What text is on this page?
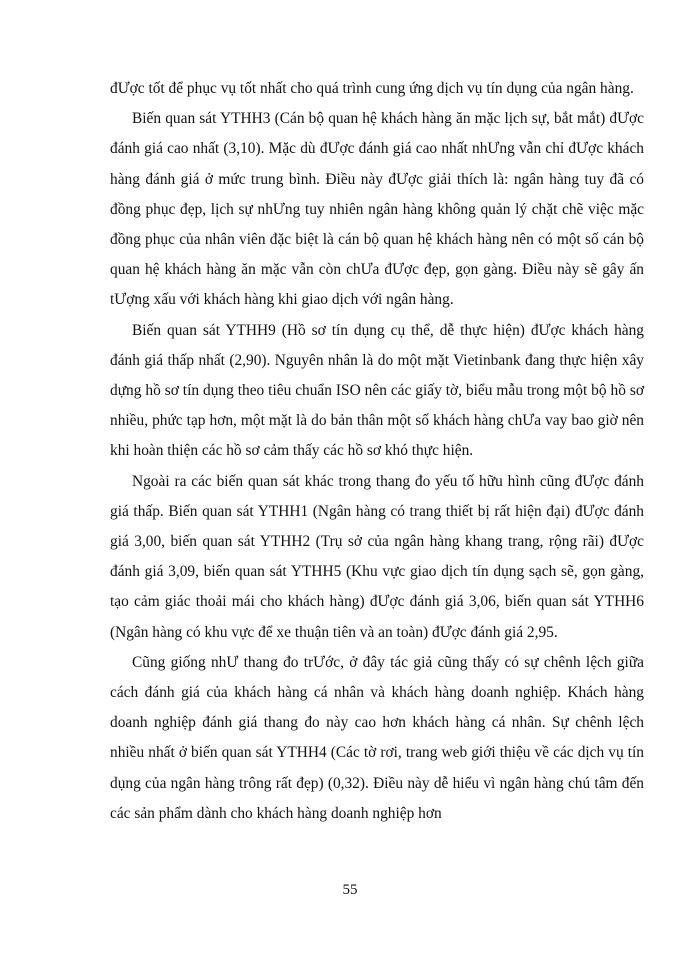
đƯợc tốt để phục vụ tốt nhất cho quá trình cung ứng dịch vụ tín dụng của ngân hàng.

Biến quan sát YTHH3 (Cán bộ quan hệ khách hàng ăn mặc lịch sự, bắt mắt) đƯợc đánh giá cao nhất (3,10). Mặc dù đƯợc đánh giá cao nhất nhƯng vẫn chỉ đƯợc khách hàng đánh giá ở mức trung bình. Điều này đƯợc giải thích là: ngân hàng tuy đã có đồng phục đẹp, lịch sự nhƯng tuy nhiên ngân hàng không quản lý chặt chẽ việc mặc đồng phục của nhân viên đặc biệt là cán bộ quan hệ khách hàng nên có một số cán bộ quan hệ khách hàng ăn mặc vẫn còn chƯa đƯợc đẹp, gọn gàng. Điều này sẽ gây ấn tƯợng xấu với khách hàng khi giao dịch với ngân hàng.

Biến quan sát YTHH9 (Hồ sơ tín dụng cụ thể, dễ thực hiện) đƯợc khách hàng đánh giá thấp nhất (2,90). Nguyên nhân là do một mặt Vietinbank đang thực hiện xây dựng hồ sơ tín dụng theo tiêu chuẩn ISO nên các giấy tờ, biểu mẫu trong một bộ hồ sơ nhiều, phức tạp hơn, một mặt là do bản thân một số khách hàng chƯa vay bao giờ nên khi hoàn thiện các hồ sơ cảm thấy các hồ sơ khó thực hiện.

Ngoài ra các biến quan sát khác trong thang đo yếu tố hữu hình cũng đƯợc đánh giá thấp. Biến quan sát YTHH1 (Ngân hàng có trang thiết bị rất hiện đại) đƯợc đánh giá 3,00, biến quan sát YTHH2 (Trụ sở của ngân hàng khang trang, rộng rãi) đƯợc đánh giá 3,09, biến quan sát YTHH5 (Khu vực giao dịch tín dụng sạch sẽ, gọn gàng, tạo cảm giác thoải mái cho khách hàng) đƯợc đánh giá 3,06, biến quan sát YTHH6 (Ngân hàng có khu vực để xe thuận tiên và an toàn) đƯợc đánh giá 2,95.

Cũng giống nhƯ thang đo trƯớc, ở đây tác giả cũng thấy có sự chênh lệch giữa cách đánh giá của khách hàng cá nhân và khách hàng doanh nghiệp. Khách hàng doanh nghiệp đánh giá thang đo này cao hơn khách hàng cá nhân. Sự chênh lệch nhiều nhất ở biến quan sát YTHH4 (Các tờ rơi, trang web giới thiệu về các dịch vụ tín dụng của ngân hàng trông rất đẹp) (0,32). Điều này dễ hiểu vì ngân hàng chú tâm đến các sản phẩm dành cho khách hàng doanh nghiệp hơn

55
